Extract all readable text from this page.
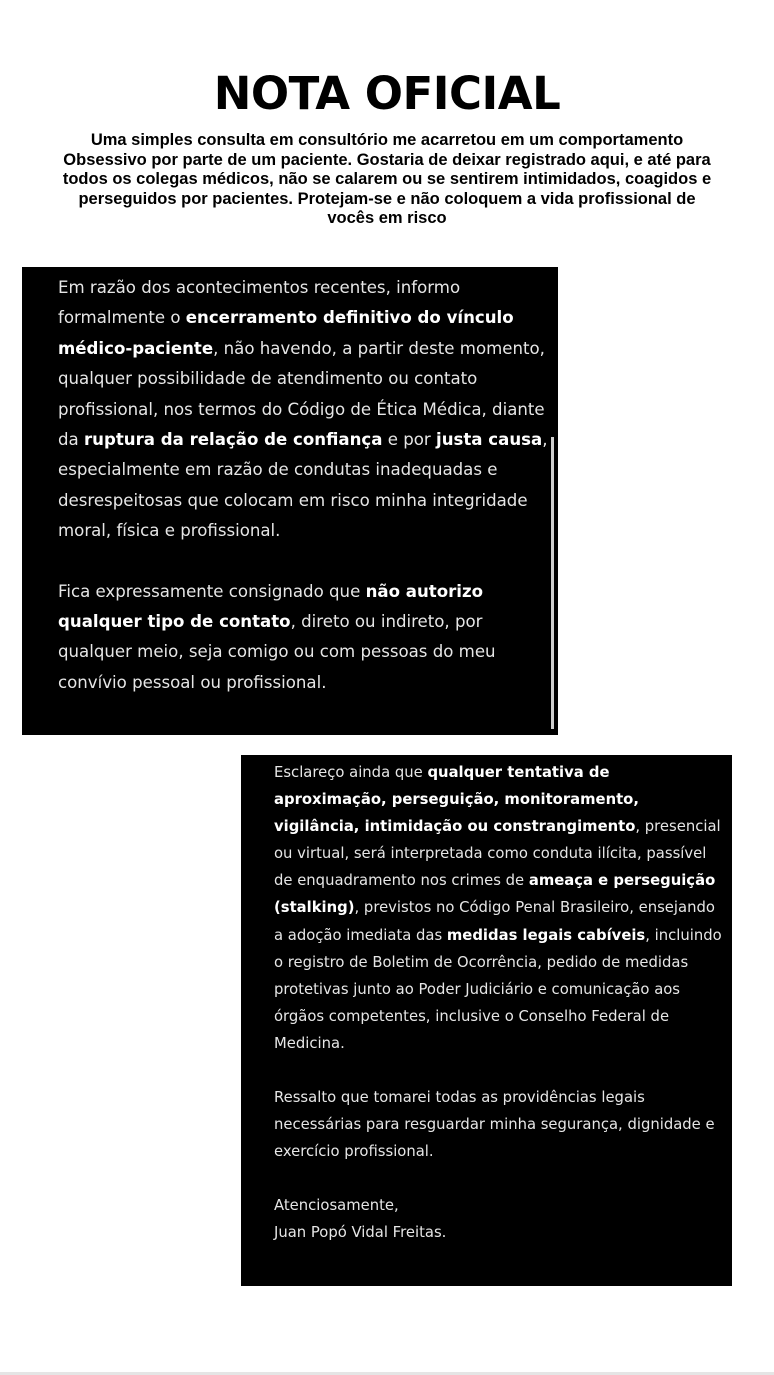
NOTA OFICIAL
Uma simples consulta em consultório me acarretou em um comportamento Obsessivo por parte de um paciente. Gostaria de deixar registrado aqui, e até para todos os colegas médicos, não se calarem ou se sentirem intimidados, coagidos e perseguidos por pacientes. Protejam-se e não coloquem a vida profissional de vocês em risco

Em razão dos acontecimentos recentes, informo formalmente o encerramento definitivo do vínculo médico-paciente, não havendo, a partir deste momento, qualquer possibilidade de atendimento ou contato profissional, nos termos do Código de Ética Médica, diante da ruptura da relação de confiança e por justa causa, especialmente em razão de condutas inadequadas e desrespeitosas que colocam em risco minha integridade moral, física e profissional.

Fica expressamente consignado que não autorizo qualquer tipo de contato, direto ou indireto, por qualquer meio, seja comigo ou com pessoas do meu convívio pessoal ou profissional.

Esclareço ainda que qualquer tentativa de aproximação, perseguição, monitoramento, vigilância, intimidação ou constrangimento, presencial ou virtual, será interpretada como conduta ilícita, passível de enquadramento nos crimes de ameaça e perseguição (stalking), previstos no Código Penal Brasileiro, ensejando a adoção imediata das medidas legais cabíveis, incluindo o registro de Boletim de Ocorrência, pedido de medidas protetivas junto ao Poder Judiciário e comunicação aos órgãos competentes, inclusive o Conselho Federal de Medicina.

Ressalto que tomarei todas as providências legais necessárias para resguardar minha segurança, dignidade e exercício profissional.

Atenciosamente,

Juan Popó Vidal Freitas.
